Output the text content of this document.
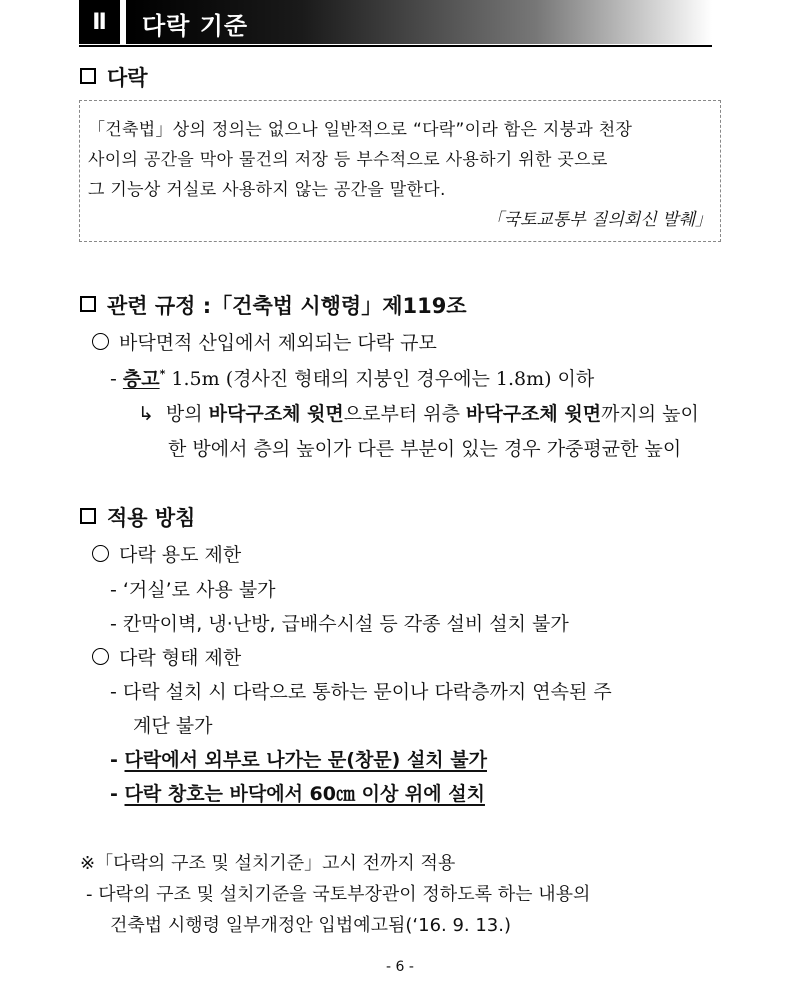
Ⅱ	다락 기준
다락
「건축법」상의 정의는 없으나 일반적으로 “다락”이라 함은 지붕과 천장
사이의 공간을 막아 물건의 저장 등 부수적으로 사용하기 위한 곳으로
그 기능상 거실로 사용하지 않는 공간을 말한다.
「국토교통부 질의회신 발췌」
관련 규정 :「건축법 시행령」제119조
바닥면적 산입에서 제외되는 다락 규모
- 층고* 1.5m (경사진 형태의 지붕인 경우에는 1.8m) 이하
↳ 방의 바닥구조체 윗면으로부터 위층 바닥구조체 윗면까지의 높이
한 방에서 층의 높이가 다른 부분이 있는 경우 가중평균한 높이
적용 방침
다락 용도 제한
- ‘거실’로 사용 불가
- 칸막이벽, 냉·난방, 급배수시설 등 각종 설비 설치 불가
다락 형태 제한
- 다락 설치 시 다락으로 통하는 문이나 다락층까지 연속된 주
계단 불가
- 다락에서 외부로 나가는 문(창문) 설치 불가
- 다락 창호는 바닥에서 60㎝ 이상 위에 설치
※「다락의 구조 및 설치기준」고시 전까지 적용
- 다락의 구조 및 설치기준을 국토부장관이 정하도록 하는 내용의
건축법 시행령 일부개정안 입법예고됨(‘16. 9. 13.)
- 6 -
